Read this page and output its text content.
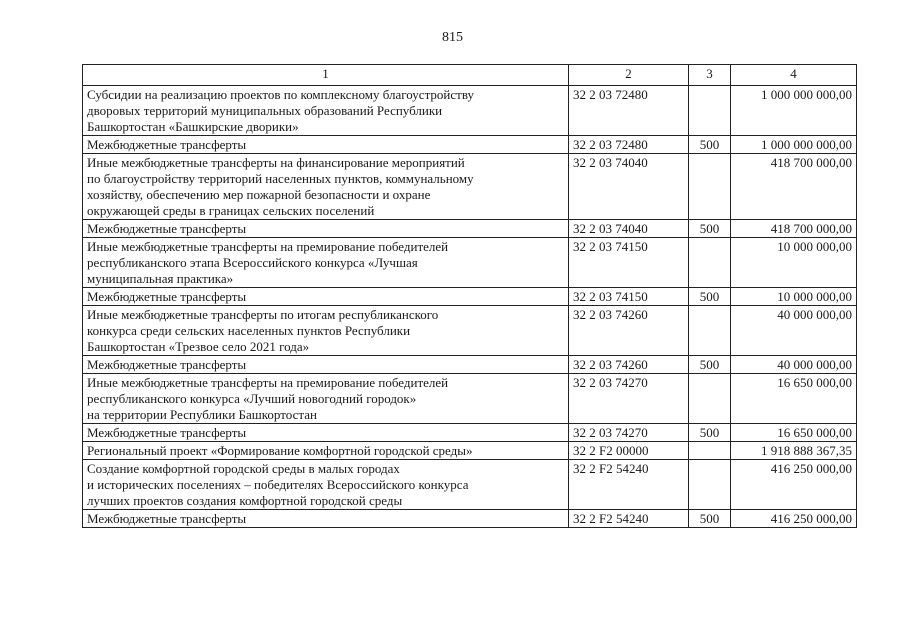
815
1	2	3	4

Субсидии на реализацию проектов по комплексному благоустройству
дворовых территорий муниципальных образований Республики
Башкортостан «Башкирские дворики»	32 2 03 72480		1 000 000 000,00

Межбюджетные трансферты	32 2 03 72480	500	1 000 000 000,00

Иные межбюджетные трансферты на финансирование мероприятий
по благоустройству территорий населенных пунктов, коммунальному
хозяйству, обеспечению мер пожарной безопасности и охране
окружающей среды в границах сельских поселений	32 2 03 74040		418 700 000,00

Межбюджетные трансферты	32 2 03 74040	500	418 700 000,00

Иные межбюджетные трансферты на премирование победителей
республиканского этапа Всероссийского конкурса «Лучшая
муниципальная практика»	32 2 03 74150		10 000 000,00

Межбюджетные трансферты	32 2 03 74150	500	10 000 000,00

Иные межбюджетные трансферты по итогам республиканского
конкурса среди сельских населенных пунктов Республики
Башкортостан «Трезвое село 2021 года»	32 2 03 74260		40 000 000,00

Межбюджетные трансферты	32 2 03 74260	500	40 000 000,00

Иные межбюджетные трансферты на премирование победителей
республиканского конкурса «Лучший новогодний городок»
на территории Республики Башкортостан	32 2 03 74270		16 650 000,00

Межбюджетные трансферты	32 2 03 74270	500	16 650 000,00

Региональный проект «Формирование комфортной городской среды»	32 2 F2 00000		1 918 888 367,35

Создание комфортной городской среды в малых городах
и исторических поселениях – победителях Всероссийского конкурса
лучших проектов создания комфортной городской среды	32 2 F2 54240		416 250 000,00

Межбюджетные трансферты	32 2 F2 54240	500	416 250 000,00
